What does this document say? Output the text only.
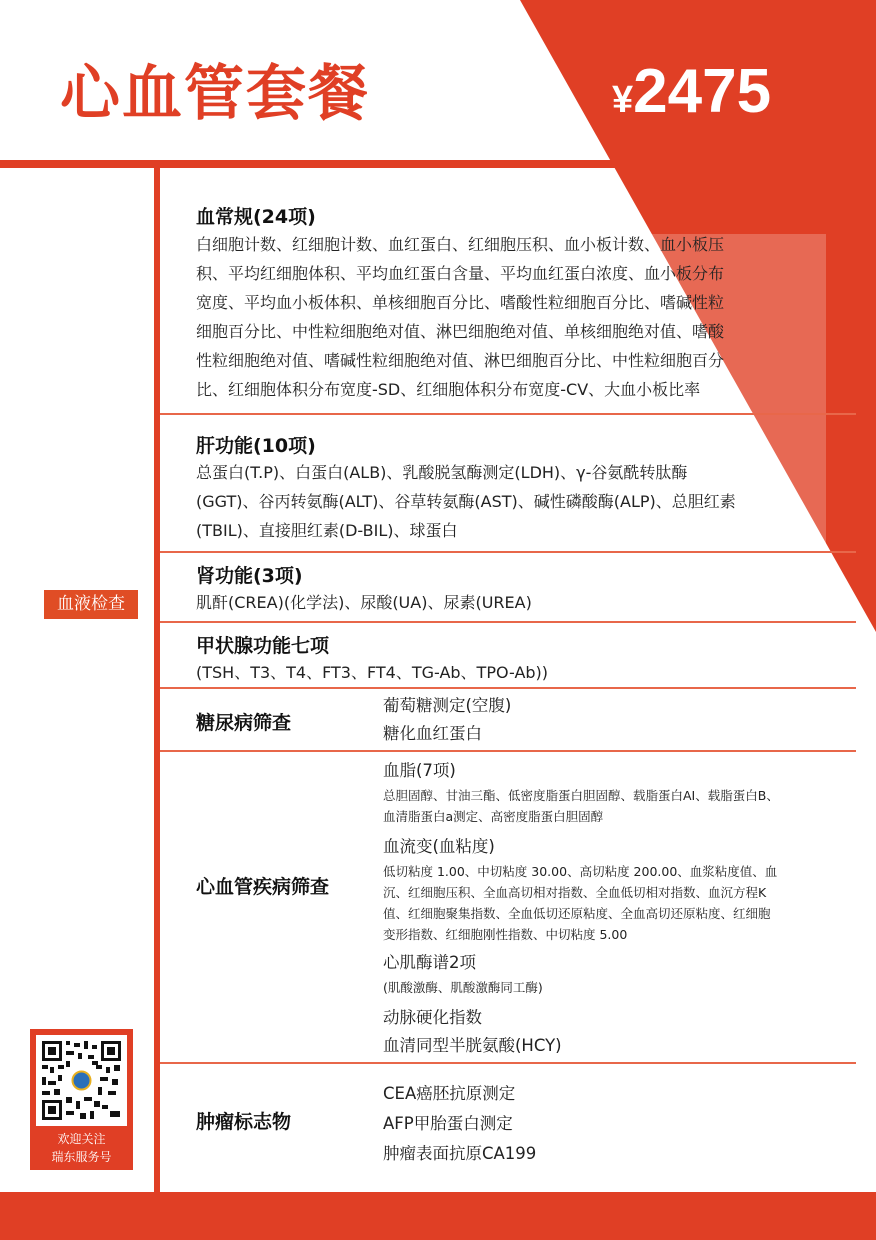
心血管套餐	¥2475
血液检查
欢迎关注
瑞东服务号
血常规(24项)
白细胞计数、红细胞计数、血红蛋白、红细胞压积、血小板计数、血小板压
积、平均红细胞体积、平均血红蛋白含量、平均血红蛋白浓度、血小板分布
宽度、平均血小板体积、单核细胞百分比、嗜酸性粒细胞百分比、嗜碱性粒
细胞百分比、中性粒细胞绝对值、淋巴细胞绝对值、单核细胞绝对值、嗜酸
性粒细胞绝对值、嗜碱性粒细胞绝对值、淋巴细胞百分比、中性粒细胞百分
比、红细胞体积分布宽度-SD、红细胞体积分布宽度-CV、大血小板比率
肝功能(10项)
总蛋白(T.P)、白蛋白(ALB)、乳酸脱氢酶测定(LDH)、γ-谷氨酰转肽酶
(GGT)、谷丙转氨酶(ALT)、谷草转氨酶(AST)、碱性磷酸酶(ALP)、总胆红素
(TBIL)、直接胆红素(D-BIL)、球蛋白
肾功能(3项)
肌酐(CREA)(化学法)、尿酸(UA)、尿素(UREA)
甲状腺功能七项
(TSH、T3、T4、FT3、FT4、TG-Ab、TPO-Ab))
糖尿病筛查
葡萄糖测定(空腹)
糖化血红蛋白
心血管疾病筛查
血脂(7项)
总胆固醇、甘油三酯、低密度脂蛋白胆固醇、载脂蛋白AⅠ、载脂蛋白B、
血清脂蛋白a测定、高密度脂蛋白胆固醇
血流变(血粘度)
低切粘度 1.00、中切粘度 30.00、高切粘度 200.00、血浆粘度值、血
沉、红细胞压积、全血高切相对指数、全血低切相对指数、血沉方程K
值、红细胞聚集指数、全血低切还原粘度、全血高切还原粘度、红细胞
变形指数、红细胞刚性指数、中切粘度 5.00
心肌酶谱2项
(肌酸激酶、肌酸激酶同工酶)
动脉硬化指数
血清同型半胱氨酸(HCY)
肿瘤标志物
CEA癌胚抗原测定
AFP甲胎蛋白测定
肿瘤表面抗原CA199
